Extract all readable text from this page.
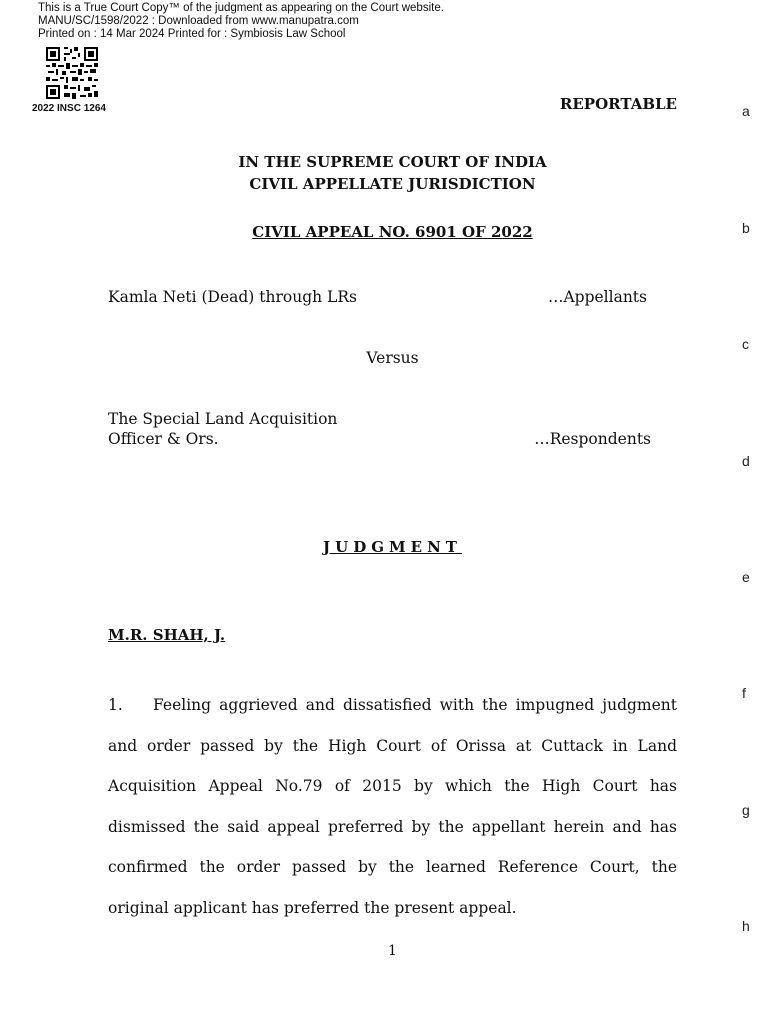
This is a True Court Copy™ of the judgment as appearing on the Court website.
MANU/SC/1598/2022 : Downloaded from www.manupatra.com
Printed on : 14 Mar 2024 Printed for : Symbiosis Law School
2022 INSC 1264	REPORTABLE
IN THE SUPREME COURT OF INDIA
CIVIL APPELLATE JURISDICTION
CIVIL APPEAL NO. 6901 OF 2022
Kamla Neti (Dead) through LRs	…Appellants
Versus
The Special Land Acquisition
Officer & Ors.	…Respondents
JUDGMENT
M.R. SHAH, J.
1. Feeling aggrieved and dissatisfied with the impugned judgment and order passed by the High Court of Orissa at Cuttack in Land Acquisition Appeal No.79 of 2015 by which the High Court has dismissed the said appeal preferred by the appellant herein and has confirmed the order passed by the learned Reference Court, the original applicant has preferred the present appeal.
1
a
b
c
d
e
f
g
h
